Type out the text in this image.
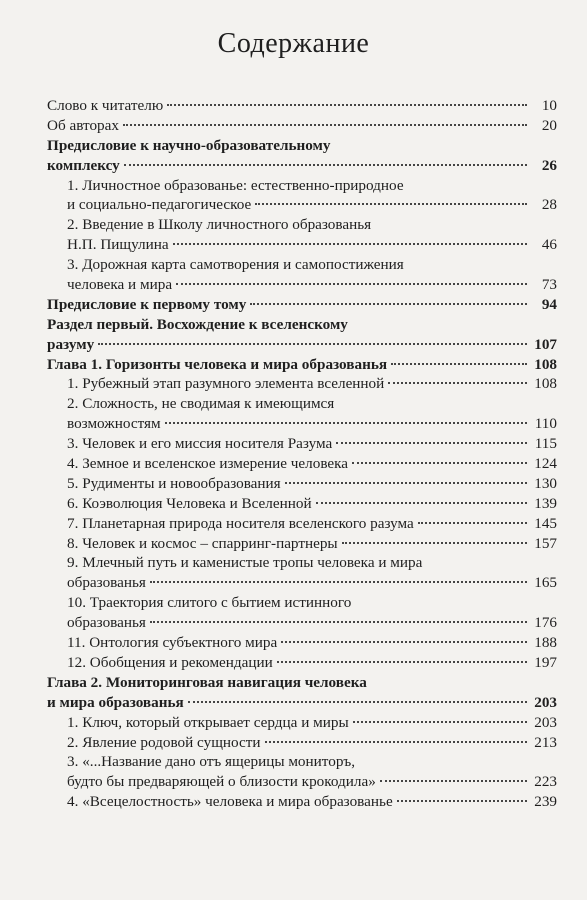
Содержание
Слово к читателю	10
Об авторах	20
Предисловие к научно-образовательному
комплексу	26
1. Личностное образованье: естественно-природное
и социально-педагогическое	28
2. Введение в Школу личностного образованья
Н.П. Пищулина	46
3. Дорожная карта самотворения и самопостижения
человека и мира	73
Предисловие к первому тому	94
Раздел первый. Восхождение к вселенскому
разуму	107
Глава 1. Горизонты человека и мира образованья	108
1. Рубежный этап разумного элемента вселенной	108
2. Сложность, не сводимая к имеющимся
возможностям	110
3. Человек и его миссия носителя Разума	115
4. Земное и вселенское измерение человека	124
5. Рудименты и новообразования	130
6. Коэволюция Человека и Вселенной	139
7. Планетарная природа носителя вселенского разума	145
8. Человек и космос – спарринг-партнеры	157
9. Млечный путь и каменистые тропы человека и мира
образованья	165
10. Траектория слитого с бытием истинного
образованья	176
11. Онтология субъектного мира	188
12. Обобщения и рекомендации	197
Глава 2. Мониторинговая навигация человека
и мира образованья	203
1. Ключ, который открывает сердца и миры	203
2. Явление родовой сущности	213
3. «...Название дано отъ ящерицы мониторъ,
будто бы предваряющей о близости крокодила»	223
4. «Всецелостность» человека и мира образованье	239
